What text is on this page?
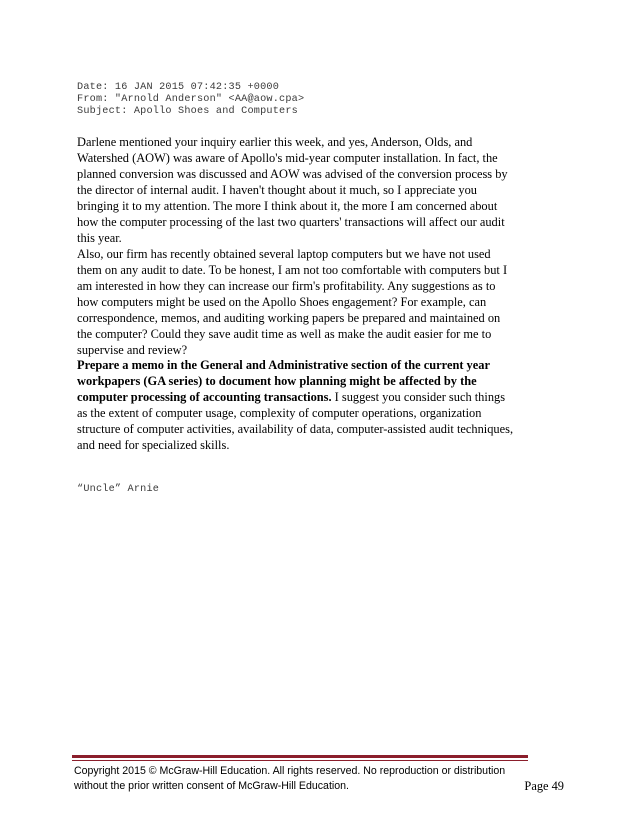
Date: 16 JAN 2015 07:42:35 +0000
From: "Arnold Anderson" <AA@aow.cpa>
Subject: Apollo Shoes and Computers

Darlene mentioned your inquiry earlier this week, and yes, Anderson, Olds, and Watershed (AOW) was aware of Apollo's mid-year computer installation. In fact, the planned conversion was discussed and AOW was advised of the conversion process by the director of internal audit. I haven't thought about it much, so I appreciate you bringing it to my attention. The more I think about it, the more I am concerned about how the computer processing of the last two quarters' transactions will affect our audit this year.

Also, our firm has recently obtained several laptop computers but we have not used them on any audit to date. To be honest, I am not too comfortable with computers but I am interested in how they can increase our firm's profitability. Any suggestions as to how computers might be used on the Apollo Shoes engagement? For example, can correspondence, memos, and auditing working papers be prepared and maintained on the computer? Could they save audit time as well as make the audit easier for me to supervise and review?

Prepare a memo in the General and Administrative section of the current year workpapers (GA series) to document how planning might be affected by the computer processing of accounting transactions. I suggest you consider such things as the extent of computer usage, complexity of computer operations, organization structure of computer activities, availability of data, computer-assisted audit techniques, and need for specialized skills.

“Uncle” Arnie
Copyright 2015 © McGraw-Hill Education. All rights reserved. No reproduction or distribution
without the prior written consent of McGraw-Hill Education.	Page 49
